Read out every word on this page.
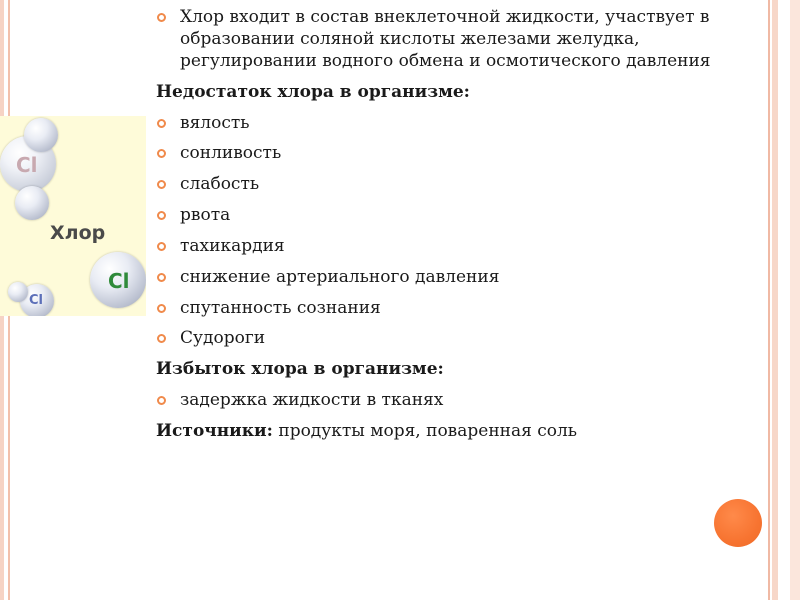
Cl
Хлор
Cl
Cl
Хлор входит в состав внеклеточной жидкости, участвует в
образовании соляной кислоты железами желудка,
регулировании водного обмена и осмотического давления
Недостаток хлора в организме:
вялость
сонливость
слабость
рвота
тахикардия
снижение артериального давления
спутанность сознания
Судороги
Избыток хлора в организме:
задержка жидкости в тканях
Источники: продукты моря, поваренная соль
